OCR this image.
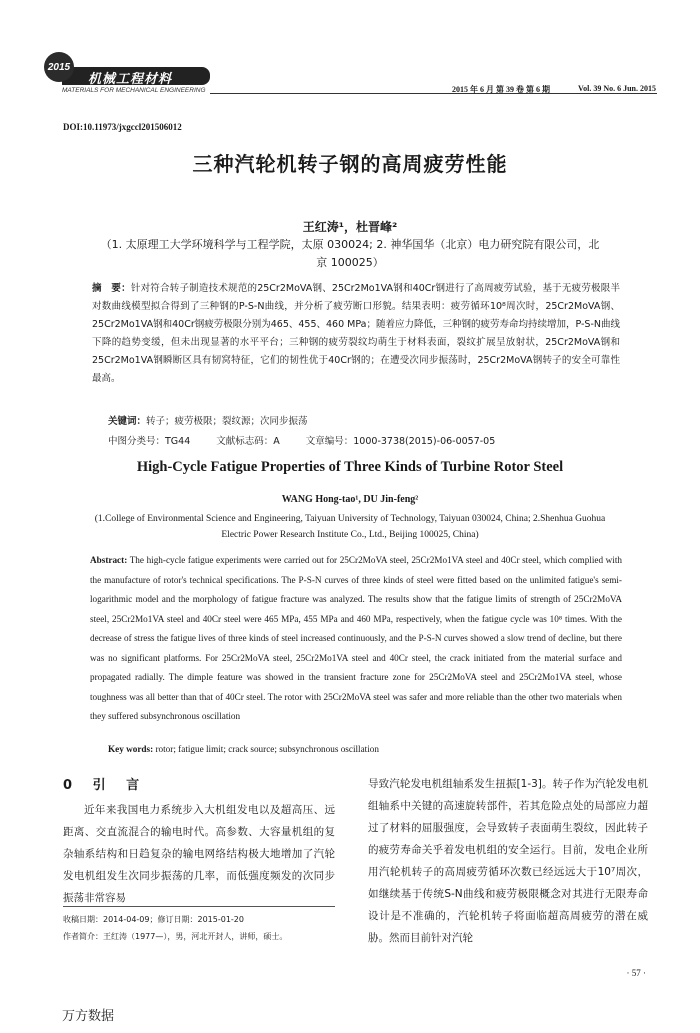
2015
机械工程材料
MATERIALS FOR MECHANICAL ENGINEERING	2015 年 6 月 第 39 卷 第 6 期	Vol. 39 No. 6 Jun. 2015
DOI:10.11973/jxgccl201506012
三种汽轮机转子钢的高周疲劳性能
王红涛¹，杜晋峰²
（1. 太原理工大学环境科学与工程学院，太原 030024; 2. 神华国华（北京）电力研究院有限公司，北京 100025）
摘　要：针对符合转子制造技术规范的25Cr2MoVA钢、25Cr2Mo1VA钢和40Cr钢进行了高周疲劳试验，基于无疲劳极限半对数曲线模型拟合得到了三种钢的P-S-N曲线，并分析了疲劳断口形貌。结果表明：疲劳循环10⁸周次时，25Cr2MoVA钢、25Cr2Mo1VA钢和40Cr钢疲劳极限分别为465、455、460 MPa；随着应力降低，三种钢的疲劳寿命均持续增加，P-S-N曲线下降的趋势变缓，但未出现显著的水平平台；三种钢的疲劳裂纹均萌生于材料表面，裂纹扩展呈放射状，25Cr2MoVA钢和25Cr2Mo1VA钢瞬断区具有韧窝特征，它们的韧性优于40Cr钢的；在遭受次同步振荡时，25Cr2MoVA钢转子的安全可靠性最高。
关键词：转子；疲劳极限；裂纹源；次同步振荡
中图分类号：TG44	文献标志码：A	文章编号：1000-3738(2015)-06-0057-05
High-Cycle Fatigue Properties of Three Kinds of Turbine Rotor Steel
WANG Hong-tao¹, DU Jin-feng²
(1.College of Environmental Science and Engineering, Taiyuan University of Technology, Taiyuan 030024, China; 2.Shenhua Guohua Electric Power Research Institute Co., Ltd., Beijing 100025, China)
Abstract: The high-cycle fatigue experiments were carried out for 25Cr2MoVA steel, 25Cr2Mo1VA steel and 40Cr steel, which complied with the manufacture of rotor's technical specifications. The P-S-N curves of three kinds of steel were fitted based on the unlimited fatigue's semi-logarithmic model and the morphology of fatigue fracture was analyzed. The results show that the fatigue limits of strength of 25Cr2MoVA steel, 25Cr2Mo1VA steel and 40Cr steel were 465 MPa, 455 MPa and 460 MPa, respectively, when the fatigue cycle was 10⁸ times. With the decrease of stress the fatigue lives of three kinds of steel increased continuously, and the P-S-N curves showed a slow trend of decline, but there was no significant platforms. For 25Cr2MoVA steel, 25Cr2Mo1VA steel and 40Cr steel, the crack initiated from the material surface and propagated radially. The dimple feature was showed in the transient fracture zone for 25Cr2MoVA steel and 25Cr2Mo1VA steel, whose toughness was all better than that of 40Cr steel. The rotor with 25Cr2MoVA steel was safer and more reliable than the other two materials when they suffered subsynchronous oscillation
Key words: rotor; fatigue limit; crack source; subsynchronous oscillation
0 引 言
近年来我国电力系统步入大机组发电以及超高压、远距离、交直流混合的输电时代。高参数、大容量机组的复杂轴系结构和日趋复杂的输电网络结构极大地增加了汽轮发电机组发生次同步振荡的几率，而低强度频发的次同步振荡非常容易
导致汽轮发电机组轴系发生扭振[1-3]。转子作为汽轮发电机组轴系中关键的高速旋转部件，若其危险点处的局部应力超过了材料的屈服强度，会导致转子表面萌生裂纹，因此转子的疲劳寿命关乎着发电机组的安全运行。目前，发电企业所用汽轮机转子的高周疲劳循环次数已经远远大于10⁷周次，如继续基于传统S-N曲线和疲劳极限概念对其进行无限寿命设计是不准确的，汽轮机转子将面临超高周疲劳的潜在威胁。然而目前针对汽轮
收稿日期：2014-04-09；修订日期：2015-01-20
作者简介：王红涛（1977—），男，河北开封人，讲师，硕士。
· 57 ·
万方数据
